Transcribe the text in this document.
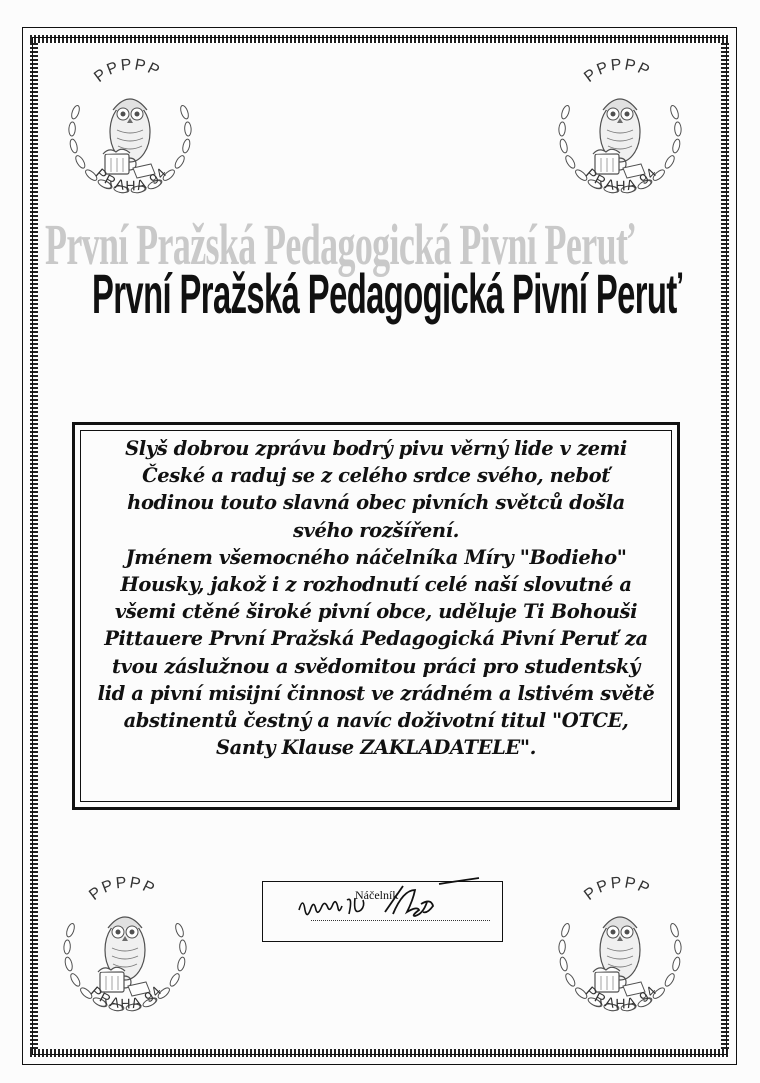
PPPPP
PRAHA 94
PPPPP
PRAHA 94
PPPPP
PRAHA 94
PPPPP
PRAHA 94
První Pražská Pedagogická Pivní Peruť
První Pražská Pedagogická Pivní Peruť
Slyš dobrou zprávu bodrý pivu věrný lide v zemi
České a raduj se z celého srdce svého, neboť
hodinou touto slavná obec pivních světců došla
svého rozšíření.
Jménem všemocného náčelníka Míry "Bodieho"
Housky, jakož i z rozhodnutí celé naší slovutné a
všemi ctěné široké pivní obce, uděluje Ti Bohouši
Pittauere První Pražská Pedagogická Pivní Peruť za
tvou záslužnou a svědomitou práci pro studentský
lid a pivní misijní činnost ve zrádném a lstivém světě
abstinentů čestný a navíc doživotní titul "OTCE,
Santy Klause ZAKLADATELE".
Náčelník
